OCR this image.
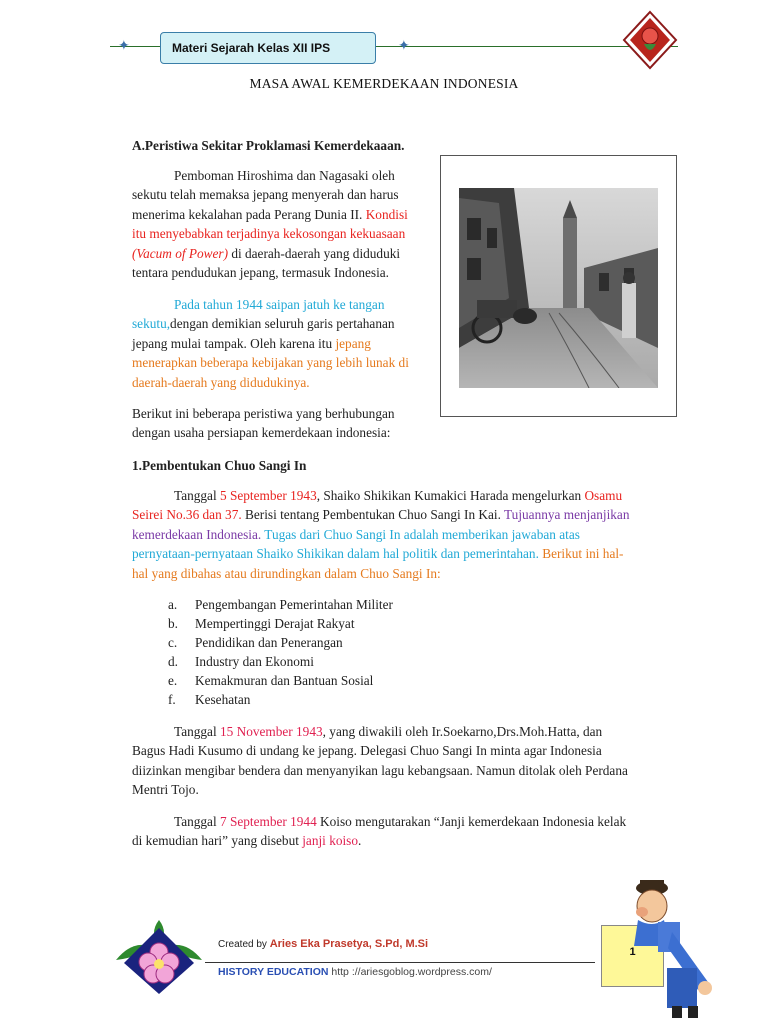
✦	✦
Materi Sejarah Kelas XII IPS
MASA AWAL KEMERDEKAAN INDONESIA
A.Peristiwa Sekitar Proklamasi Kemerdekaaan.
Pemboman Hiroshima dan Nagasaki oleh
sekutu telah memaksa jepang menyerah dan harus
menerima kekalahan pada Perang Dunia II. Kondisi
itu menyebabkan terjadinya kekosongan kekuasaan
(Vacum of Power) di daerah-daerah yang diduduki
tentara pendudukan jepang, termasuk Indonesia.
Pada tahun 1944 saipan jatuh ke tangan
sekutu,dengan demikian seluruh garis pertahanan
jepang mulai tampak. Oleh karena itu jepang
menerapkan beberapa kebijakan yang lebih lunak di
daerah-daerah yang didudukinya.
Berikut ini beberapa peristiwa yang berhubungan
dengan usaha persiapan kemerdekaan indonesia:
1.Pembentukan Chuo Sangi In
Tanggal 5 September 1943, Shaiko Shikikan Kumakici Harada mengelurkan Osamu
Seirei No.36 dan 37. Berisi tentang Pembentukan Chuo Sangi In Kai. Tujuannya menjanjikan
kemerdekaan Indonesia. Tugas dari Chuo Sangi In adalah memberikan jawaban atas
pernyataan-pernyataan Shaiko Shikikan dalam hal politik dan pemerintahan. Berikut ini hal-
hal yang dibahas atau dirundingkan dalam Chuo Sangi In:
a. Pengembangan Pemerintahan Militer
b. Mempertinggi Derajat Rakyat
c. Pendidikan dan Penerangan
d. Industry dan Ekonomi
e. Kemakmuran dan Bantuan Sosial
f. Kesehatan
Tanggal 15 November 1943, yang diwakili oleh Ir.Soekarno,Drs.Moh.Hatta, dan
Bagus Hadi Kusumo di undang ke jepang. Delegasi Chuo Sangi In minta agar Indonesia
diizinkan mengibar bendera dan menyanyikan lagu kebangsaan. Namun ditolak oleh Perdana
Mentri Tojo.
Tanggal 7 September 1944 Koiso mengutarakan “Janji kemerdekaan Indonesia kelak
di kemudian hari” yang disebut janji koiso.
Created by Aries Eka Prasetya, S.Pd, M.Si
HISTORY EDUCATION http ://ariesgoblog.wordpress.com/
1
